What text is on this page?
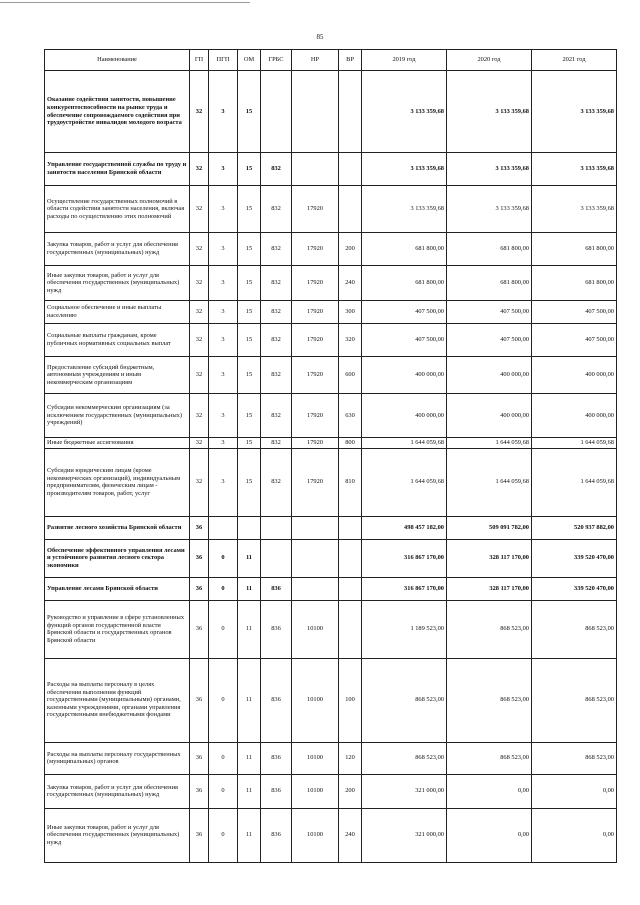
85
Наименование	ГП	ПГП	ОМ	ГРБС	НР	ВР	2019 год	2020 год	2021 год
Оказание содействия занятости, повышение конкурентоспособности на рынке труда и обеспечение сопровождаемого содействия при трудоустройстве инвалидов молодого возраста	32	3	15				3 133 359,68	3 133 359,68	3 133 359,68
Управление государственной службы по труду и занятости населения Брянской области	32	3	15	832			3 133 359,68	3 133 359,68	3 133 359,68
Осуществление государственных полномочий в области содействия занятости населения, включая расходы по осуществлению этих полномочий	32	3	15	832	17920		3 133 359,68	3 133 359,68	3 133 359,68
Закупка товаров, работ и услуг для обеспечения государственных (муниципальных) нужд	32	3	15	832	17920	200	681 800,00	681 800,00	681 800,00
Иные закупки товаров, работ и услуг для обеспечения государственных (муниципальных) нужд	32	3	15	832	17920	240	681 800,00	681 800,00	681 800,00
Социальное обеспечение и иные выплаты населению	32	3	15	832	17920	300	407 500,00	407 500,00	407 500,00
Социальные выплаты гражданам, кроме публичных нормативных социальных выплат	32	3	15	832	17920	320	407 500,00	407 500,00	407 500,00
Предоставление субсидий бюджетным, автономным учреждениям и иным некоммерческим организациям	32	3	15	832	17920	600	400 000,00	400 000,00	400 000,00
Субсидии некоммерческим организациям (за исключением государственных (муниципальных) учреждений)	32	3	15	832	17920	630	400 000,00	400 000,00	400 000,00
Иные бюджетные ассигнования	32	3	15	832	17920	800	1 644 059,68	1 644 059,68	1 644 059,68
Субсидии юридическим лицам (кроме некоммерческих организаций), индивидуальным предпринимателям, физическим лицам - производителям товаров, работ, услуг	32	3	15	832	17920	810	1 644 059,68	1 644 059,68	1 644 059,68
Развитие лесного хозяйства Брянской области	36						498 457 182,00	509 091 782,00	520 937 882,00
Обеспечение эффективного управления лесами и устойчивого развития лесного сектора экономики	36	0	11				316 867 170,00	328 117 170,00	339 520 470,00
Управление лесами Брянской области	36	0	11	836			316 867 170,00	328 117 170,00	339 520 470,00
Руководство и управление в сфере установленных функций органов государственной власти Брянской области и государственных органов Брянской области	36	0	11	836	10100		1 189 523,00	868 523,00	868 523,00
Расходы на выплаты персоналу в целях обеспечения выполнения функций государственными (муниципальными) органами, казенными учреждениями, органами управления государственными внебюджетными фондами	36	0	11	836	10100	100	868 523,00	868 523,00	868 523,00
Расходы на выплаты персоналу государственных (муниципальных) органов	36	0	11	836	10100	120	868 523,00	868 523,00	868 523,00
Закупка товаров, работ и услуг для обеспечения государственных (муниципальных) нужд	36	0	11	836	10100	200	321 000,00	0,00	0,00
Иные закупки товаров, работ и услуг для обеспечения государственных (муниципальных) нужд	36	0	11	836	10100	240	321 000,00	0,00	0,00
